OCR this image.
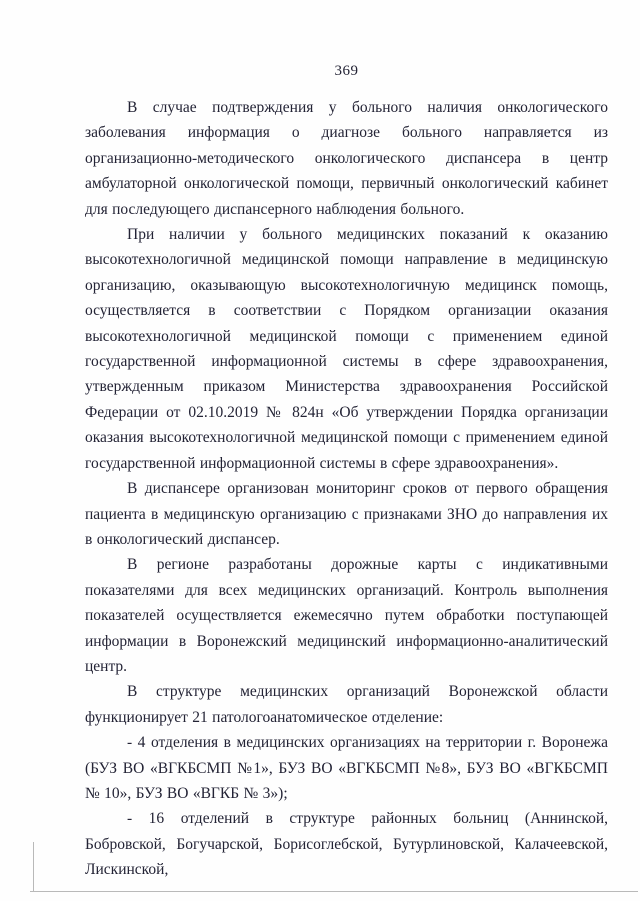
369

В случае подтверждения у больного наличия онкологического заболевания информация о диагнозе больного направляется из организационно-методического онкологического диспансера в центр амбулаторной онкологической помощи, первичный онкологический кабинет для последующего диспансерного наблюдения больного.

При наличии у больного медицинских показаний к оказанию высокотехнологичной медицинской помощи направление в медицинскую организацию, оказывающую высокотехнологичную медицинск помощь, осуществляется в соответствии с Порядком организации оказания высокотехнологичной медицинской помощи с применением единой государственной информационной системы в сфере здравоохранения, утвержденным приказом Министерства здравоохранения Российской Федерации от 02.10.2019 № 824н «Об утверждении Порядка организации оказания высокотехнологичной медицинской помощи с применением единой государственной информационной системы в сфере здравоохранения».

В диспансере организован мониторинг сроков от первого обращения пациента в медицинскую организацию с признаками ЗНО до направления их в онкологический диспансер.

В регионе разработаны дорожные карты с индикативными показателями для всех медицинских организаций. Контроль выполнения показателей осуществляется ежемесячно путем обработки поступающей информации в Воронежский медицинский информационно-аналитический центр.

В структуре медицинских организаций Воронежской области функционирует 21 патологоанатомическое отделение:

- 4 отделения в медицинских организациях на территории г. Воронежа (БУЗ ВО «ВГКБСМП №1», БУЗ ВО «ВГКБСМП №8», БУЗ ВО «ВГКБСМП № 10», БУЗ ВО «ВГКБ № 3»);

- 16 отделений в структуре районных больниц (Аннинской, Бобровской, Богучарской, Борисоглебской, Бутурлиновской, Калачеевской, Лискинской,
